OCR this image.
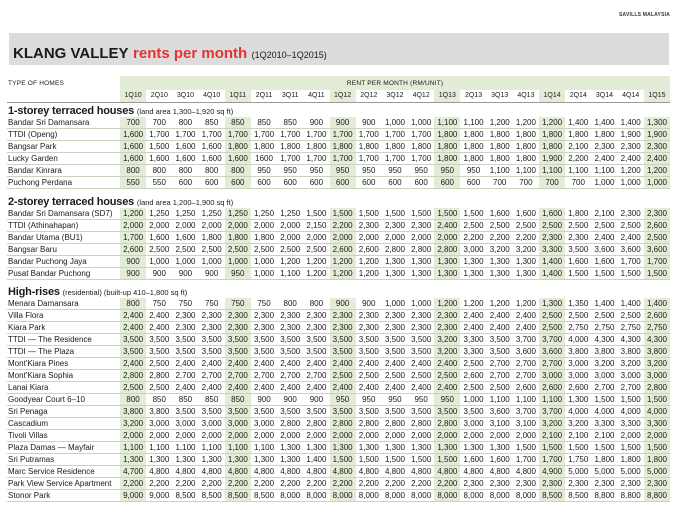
SAVILLS MALAYSIA
KLANG VALLEY rents per month (1Q2010–1Q2015)
TYPE OF HOMES	RENT PER MONTH (RM/UNIT)																				
	1Q10	2Q10	3Q10	4Q10	1Q11	2Q11	3Q11	4Q11	1Q12	2Q12	3Q12	4Q12	1Q13	2Q13	3Q13	4Q13	1Q14	2Q14	3Q14	4Q14	1Q15
1-storey terraced houses (land area 1,300–1,920 sq ft)																					
Bandar Sri Damansara	700	700	800	850	850	850	850	900	900	900	1,000	1,000	1,100	1,100	1,200	1,200	1,200	1,400	1,400	1,400	1,300
TTDI (Openg)	1,600	1,700	1,700	1,700	1,700	1,700	1,700	1,700	1,700	1,700	1,700	1,700	1,800	1,800	1,800	1,800	1,800	1,800	1,800	1,900	1,900
Bangsar Park	1,600	1,500	1,600	1,600	1,800	1,800	1,800	1,800	1,800	1,800	1,800	1,800	1,800	1,800	1,800	1,800	1,800	2,100	2,300	2,300	2,300
Lucky Garden	1,600	1,600	1,600	1,600	1,600	1600	1,700	1,700	1,700	1,700	1,700	1,700	1,800	1,800	1,800	1,800	1,900	2,200	2,400	2,400	2,400
Bandar Kinrara	800	800	800	800	800	950	950	950	950	950	950	950	950	950	1,100	1,100	1,100	1,100	1,100	1,200	1,200
Puchong Perdana	550	550	600	600	600	600	600	600	600	600	600	600	600	600	700	700	700	700	1,000	1,000	1,000

2-storey terraced houses (land area 1,200–1,900 sq ft)																					
Bandar Sri Damansara (SD7)	1,200	1,250	1,250	1,250	1,250	1,250	1,250	1,500	1,500	1,500	1,500	1,500	1,500	1,500	1,600	1,600	1,600	1,800	2,100	2,300	2,300
TTDI (Athinahapan)	2,000	2,000	2,000	2,000	2,000	2,000	2,000	2,150	2,200	2,300	2,300	2,300	2,400	2,500	2,500	2,500	2,500	2,500	2,500	2,500	2,600
Bandar Utama (BU1)	1,700	1,600	1,600	1,800	1,800	1,800	2,000	2,000	2,000	2,000	2,000	2,000	2,000	2,200	2,200	2,200	2,300	2,300	2,400	2,400	2,500
Bangsar Baru	2,600	2,500	2,500	2,500	2,500	2,500	2,500	2,500	2,600	2,600	2,800	2,800	2,800	3,000	3,200	3,200	3,300	3,500	3,600	3,600	3,600
Bandar Puchong Jaya	900	1,000	1,000	1,000	1,000	1,000	1,200	1,200	1,200	1,200	1,300	1,300	1,300	1,300	1,300	1,300	1,400	1,600	1,600	1,700	1,700
Pusat Bandar Puchong	900	900	900	900	950	1,000	1,100	1,200	1,200	1,200	1,300	1,300	1,300	1,300	1,300	1,300	1,400	1,500	1,500	1,500	1,500

High-rises (residential) (built-up 410–1,800 sq ft)																					
Menara Damansara	800	750	750	750	750	750	800	800	900	900	1,000	1,000	1,200	1,200	1,200	1,200	1,300	1,350	1,400	1,400	1,400
Villa Flora	2,400	2,400	2,300	2,300	2,300	2,300	2,300	2,300	2,300	2,300	2,300	2,300	2,300	2,400	2,400	2,400	2,500	2,500	2,500	2,500	2,600
Kiara Park	2,400	2,400	2,300	2,300	2,300	2,300	2,300	2,300	2,300	2,300	2,300	2,300	2,300	2,400	2,400	2,400	2,500	2,750	2,750	2,750	2,750
TTDI — The Residence	3,500	3,500	3,500	3,500	3,500	3,500	3,500	3,500	3,500	3,500	3,500	3,500	3,200	3,300	3,500	3,700	3,700	4,000	4,300	4,300	4,300
TTDI — The Plaza	3,500	3,500	3,500	3,500	3,500	3,500	3,500	3,500	3,500	3,500	3,500	3,500	3,200	3,300	3,500	3,600	3,600	3,800	3,800	3,800	3,800
Mont'Kiara Pines	2,400	2,500	2,400	2,400	2,400	2,400	2,400	2,400	2,400	2,400	2,400	2,400	2,400	2,500	2,700	2,700	2,700	3,000	3,200	3,200	3,200
Mont'Kiara Sophia	2,800	2,800	2,700	2,700	2,700	2,700	2,700	2,700	2,500	2,500	2,500	2,500	2,500	2,600	2,700	2,700	3,000	3,000	3,000	3,000	3,000
Lanai Kiara	2,500	2,500	2,400	2,400	2,400	2,400	2,400	2,400	2,400	2,400	2,400	2,400	2,400	2,500	2,500	2,600	2,600	2,600	2,700	2,700	2,800
Goodyear Court 6–10	800	850	850	850	850	900	900	900	950	950	950	950	950	1,000	1,100	1,100	1,100	1,300	1,500	1,500	1,500
Sri Penaga	3,800	3,800	3,500	3,500	3,500	3,500	3,500	3,500	3,500	3,500	3,500	3,500	3,500	3,500	3,600	3,700	3,700	4,000	4,000	4,000	4,000
Cascadium	3,200	3,000	3,000	3,000	3,000	3,000	2,800	2,800	2,800	2,800	2,800	2,800	2,800	3,000	3,100	3,100	3,200	3,200	3,300	3,300	3,300
Tivoli Villas	2,000	2,000	2,000	2,000	2,000	2,000	2,000	2,000	2,000	2,000	2,000	2,000	2,000	2,000	2,000	2,000	2,100	2,100	2,100	2,000	2,000
Plaza Damas — Mayfair	1,100	1,100	1,100	1,100	1,100	1,100	1,300	1,300	1,300	1,300	1,300	1,300	1,300	1,300	1,300	1,500	1,500	1,500	1,500	1,500	1,500
Sri Putramas	1,300	1,300	1,300	1,300	1,300	1,300	1,300	1,400	1,500	1,500	1,500	1,500	1,500	1,600	1,600	1,700	1,700	1,750	1,800	1,800	1,800
Marc Service Residence	4,700	4,800	4,800	4,800	4,800	4,800	4,800	4,800	4,800	4,800	4,800	4,800	4,800	4,800	4,800	4,800	4,900	5,000	5,000	5,000	5,000
Park View Service Apartment	2,200	2,200	2,200	2,200	2,200	2,200	2,200	2,200	2,200	2,200	2,200	2,200	2,200	2,300	2,300	2,300	2,300	2,300	2,300	2,300	2,300
Stonor Park	9,000	9,000	8,500	8,500	8,500	8,500	8,000	8,000	8,000	8,000	8,000	8,000	8,000	8,000	8,000	8,000	8,500	8,500	8,800	8,800	8,800
